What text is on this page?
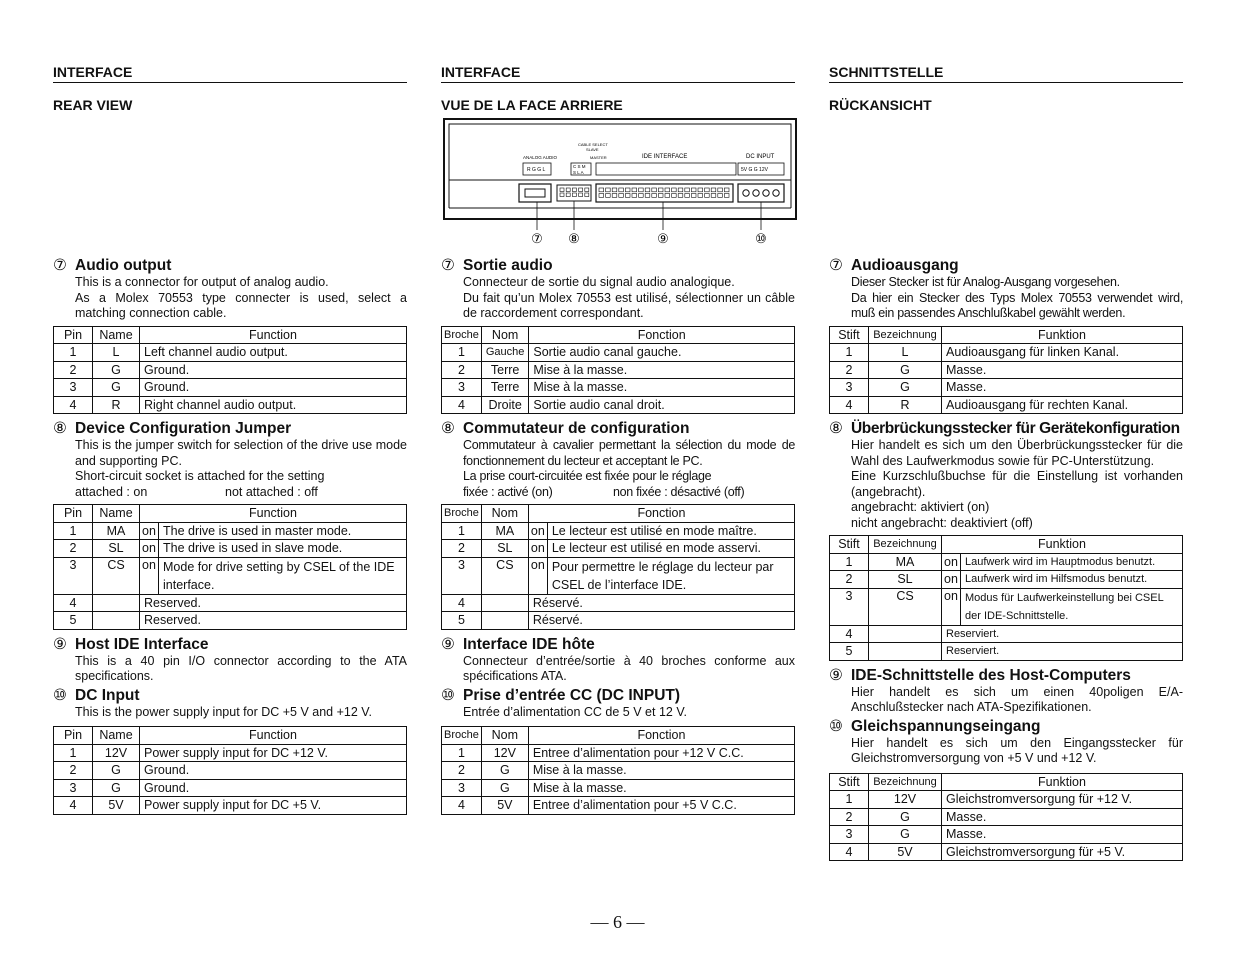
INTERFACE
REAR VIEW
⑦ Audio output
This is a connector for output of analog audio.
As a Molex 70553 type connecter is used, select a matching connection cable.
Pin	Name	Function
1	L	Left channel audio output.
2	G	Ground.
3	G	Ground.
4	R	Right channel audio output.
⑧ Device Configuration Jumper
This is the jumper switch for selection of the drive use mode and supporting PC.
Short-circuit socket is attached for the setting
attached : on	not attached : off
Pin	Name	Function	
1	MA	on	The drive is used in master mode.
2	SL	on	The drive is used in slave mode.
3	CS	on	Mode for drive setting by CSEL of the IDE interface.
4		Reserved.	
5		Reserved.	
⑨ Host IDE Interface
This is a 40 pin I/O connector according to the ATA specifications.
⑩ DC Input
This is the power supply input for DC +5 V and +12 V.
Pin	Name	Function
1	12V	Power supply input for DC +12 V.
2	G	Ground.
3	G	Ground.
4	5V	Power supply input for DC +5 V.
INTERFACE
VUE DE LA FACE ARRIERE
⑦ Sortie audio
Connecteur de sortie du signal audio analogique.
Du fait qu’un Molex 70553 est utilisé, sélectionner un câble de raccordement correspondant.
Broche	Nom	Fonction
1	Gauche	Sortie audio canal gauche.
2	Terre	Mise à la masse.
3	Terre	Mise à la masse.
4	Droite	Sortie audio canal droit.
⑧ Commutateur de configuration
Commutateur à cavalier permettant la sélection du mode de fonctionnement du lecteur et acceptant le PC.
La prise court-circuitée est fixée pour le réglage
fixée : activé (on)	non fixée : désactivé (off)
Broche	Nom	Fonction	
1	MA	on	Le lecteur est utilisé en mode maître.
2	SL	on	Le lecteur est utilisé en mode asservi.
3	CS	on	Pour permettre le réglage du lecteur par CSEL de l’interface IDE.
4		Réservé.	
5		Réservé.	
⑨ Interface IDE hôte
Connecteur d’entrée/sortie à 40 broches conforme aux spécifications ATA.
⑩ Prise d’entrée CC (DC INPUT)
Entrée d’alimentation CC de 5 V et 12 V.
Broche	Nom	Fonction
1	12V	Entree d’alimentation pour +12 V C.C.
2	G	Mise à la masse.
3	G	Mise à la masse.
4	5V	Entree d’alimentation pour +5 V C.C.
SCHNITTSTELLE
RÜCKANSICHT
⑦ Audioausgang
Dieser Stecker ist für Analog-Ausgang vorgesehen.
Da hier ein Stecker des Typs Molex 70553 verwendet wird, muß ein passendes Anschlußkabel gewählt werden.
Stift	Bezeichnung	Funktion
1	L	Audioausgang für linken Kanal.
2	G	Masse.
3	G	Masse.
4	R	Audioausgang für rechten Kanal.
⑧ Überbrückungsstecker für Gerätekonfiguration
Hier handelt es sich um den Überbrückungsstecker für die Wahl des Laufwerkmodus sowie für PC-Unterstützung.
Eine Kurzschlußbuchse für die Einstellung ist vorhanden (angebracht).
angebracht: aktiviert (on)
nicht angebracht: deaktiviert (off)
Stift	Bezeichnung	Funktion	
1	MA	on	Laufwerk wird im Hauptmodus benutzt.
2	SL	on	Laufwerk wird im Hilfsmodus benutzt.
3	CS	on	Modus für Laufwerkeinstellung bei CSEL der IDE-Schnittstelle.
4		Reserviert.	
5		Reserviert.	
⑨ IDE-Schnittstelle des Host-Computers
Hier handelt es sich um einen 40poligen E/A-Anschlußstecker nach ATA-Spezifikationen.
⑩ Gleichspannungseingang
Hier handelt es sich um den Eingangsstecker für Gleichstromversorgung von +5 V und +12 V.
Stift	Bezeichnung	Funktion
1	12V	Gleichstromversorgung für +12 V.
2	G	Masse.
3	G	Masse.
4	5V	Gleichstromversorgung für +5 V.
CABLE SELECT
SLAVE
MASTER
ANALOG AUDIO	IDE INTERFACE	DC INPUT
R G G L
C S M
S L A	5V G G 12V
⑦ ⑧	⑨	⑩
— 6 —
